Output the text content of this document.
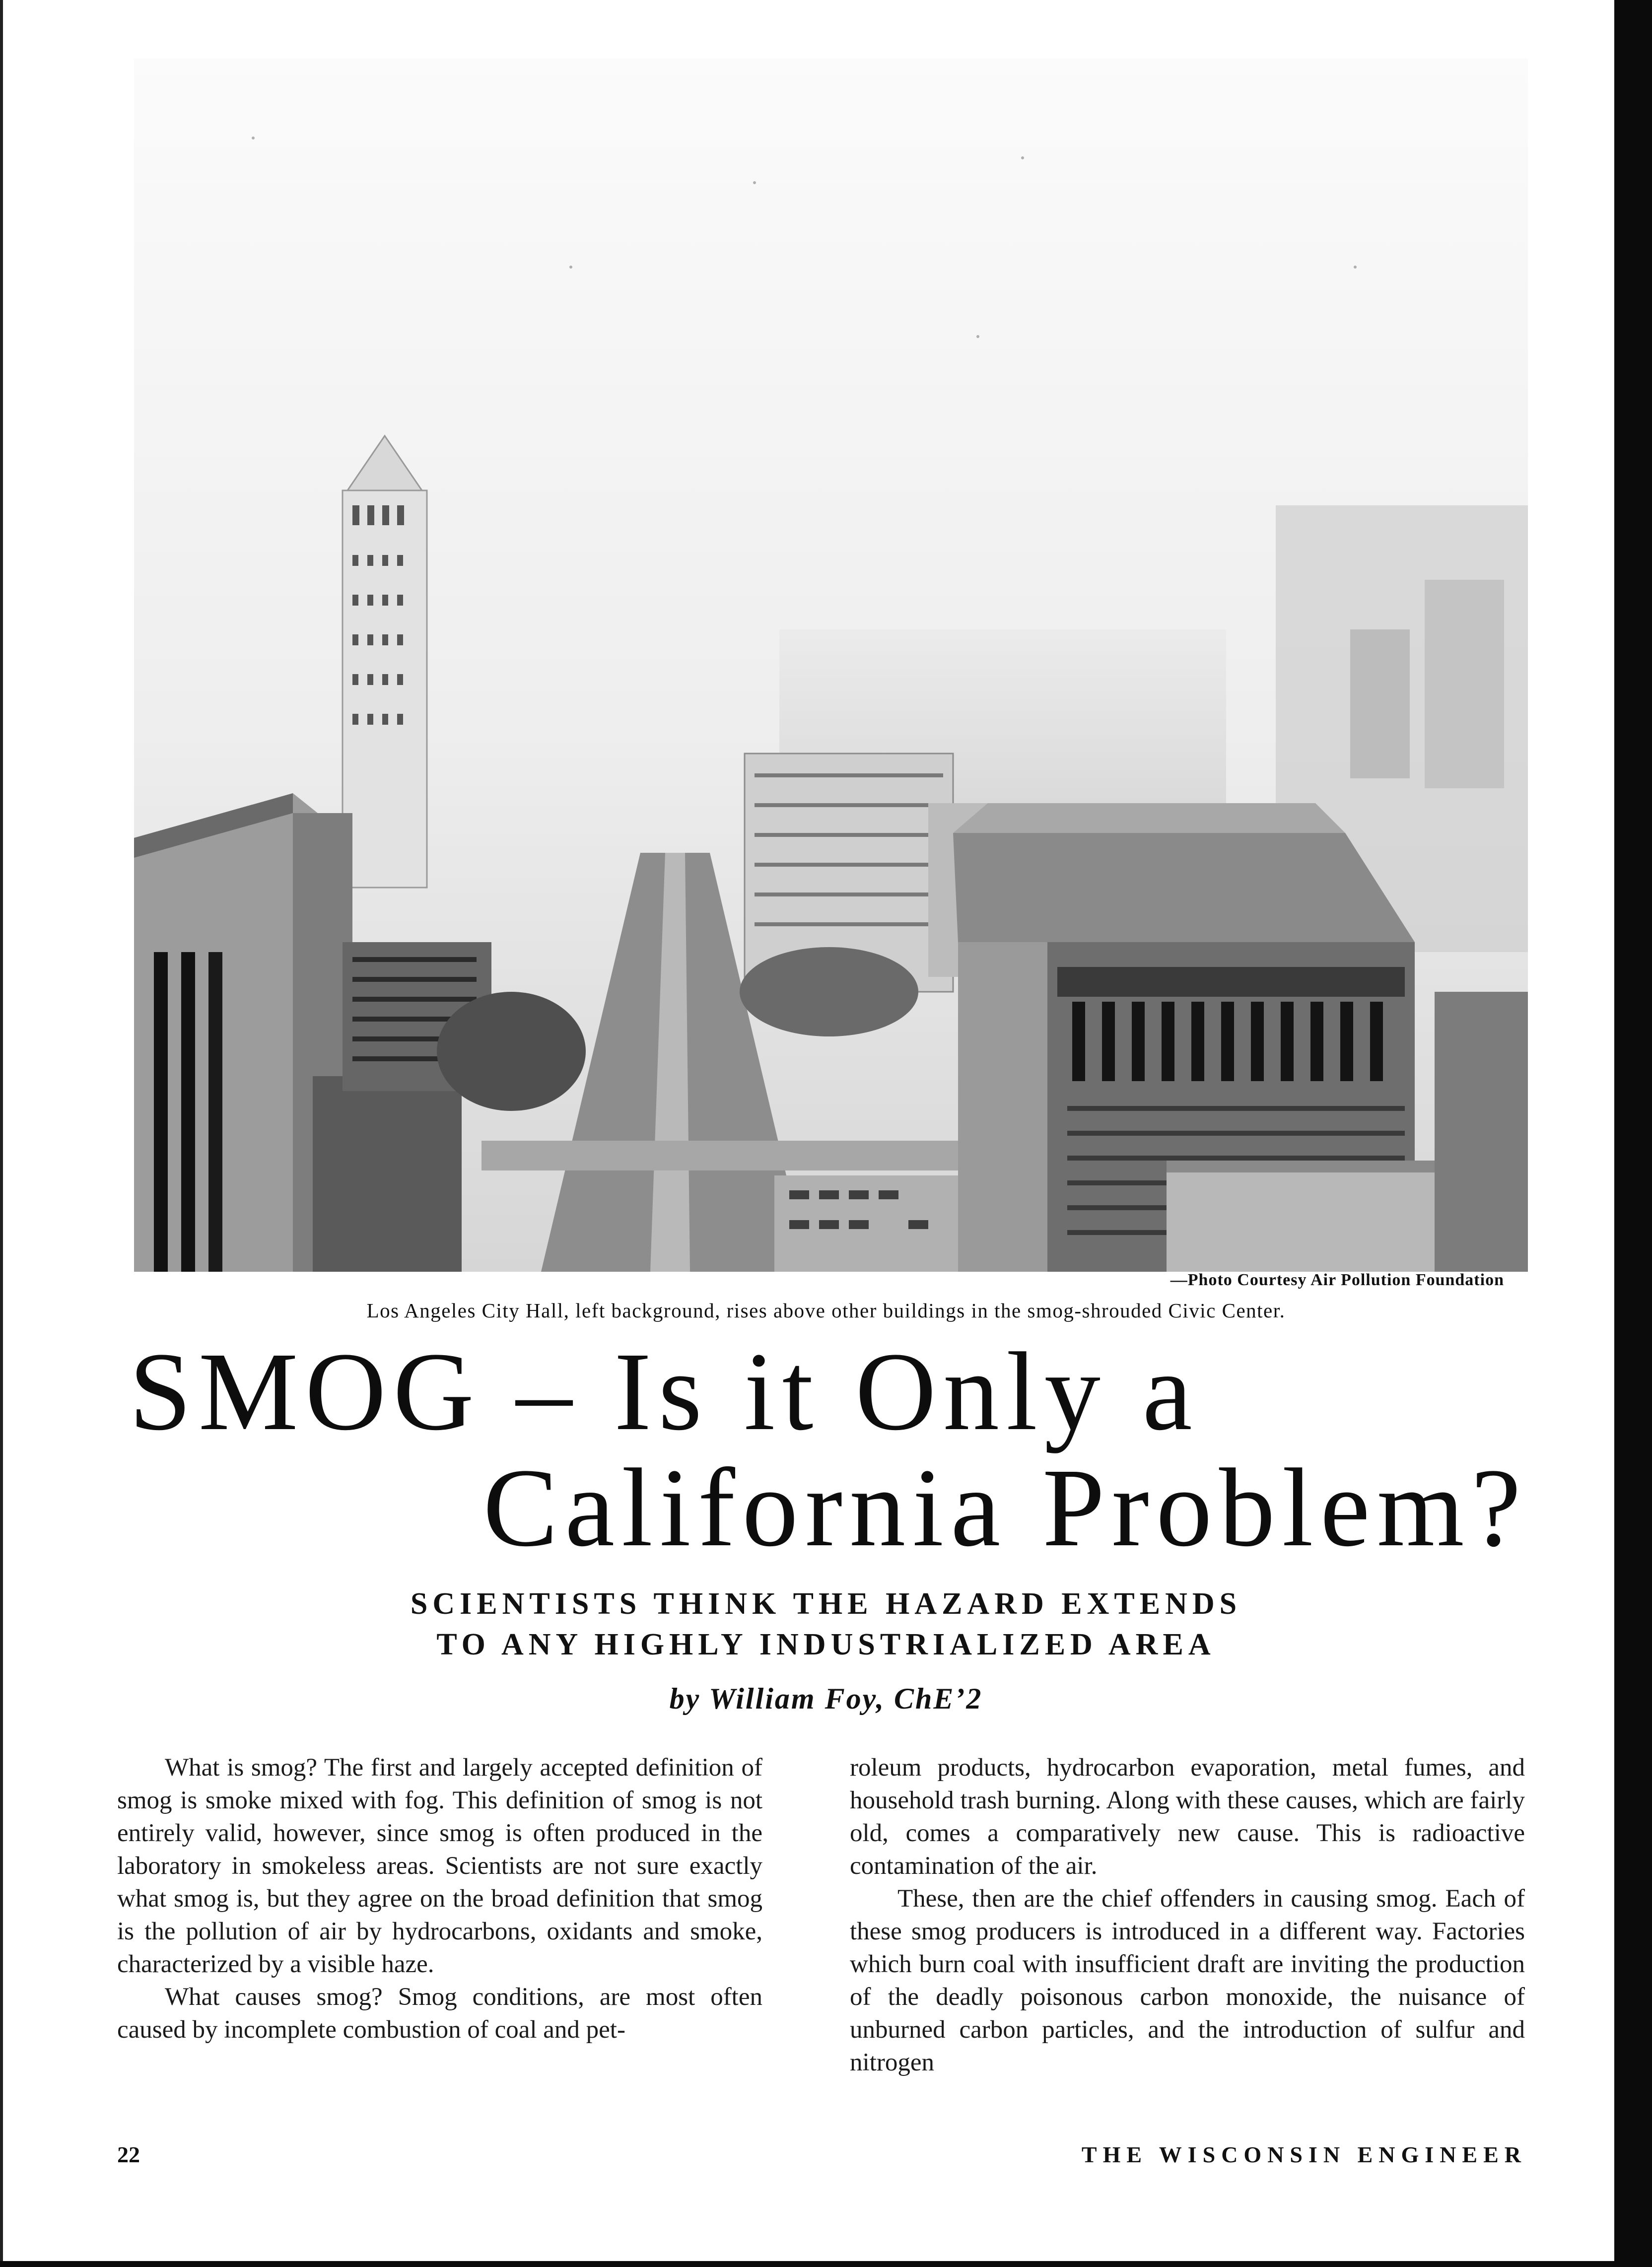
—Photo Courtesy Air Pollution Foundation
Los Angeles City Hall, left background, rises above other buildings in the smog-shrouded Civic Center.
SMOG – Is it Only a
California Problem?
SCIENTISTS THINK THE HAZARD EXTENDS
TO ANY HIGHLY INDUSTRIALIZED AREA
by William Foy, ChE’2

What is smog? The first and largely accepted definition of smog is smoke mixed with fog. This definition of smog is not entirely valid, however, since smog is often produced in the laboratory in smokeless areas. Scientists are not sure exactly what smog is, but they agree on the broad definition that smog is the pollution of air by hydrocarbons, oxidants and smoke, characterized by a visible haze.

What causes smog? Smog conditions, are most often caused by incomplete combustion of coal and pet-

roleum products, hydrocarbon evaporation, metal fumes, and household trash burning. Along with these causes, which are fairly old, comes a comparatively new cause. This is radioactive contamination of the air.

These, then are the chief offenders in causing smog. Each of these smog producers is introduced in a different way. Factories which burn coal with insufficient draft are inviting the production of the deadly poisonous carbon monoxide, the nuisance of unburned carbon particles, and the introduction of sulfur and nitrogen

22	THE WISCONSIN ENGINEER
